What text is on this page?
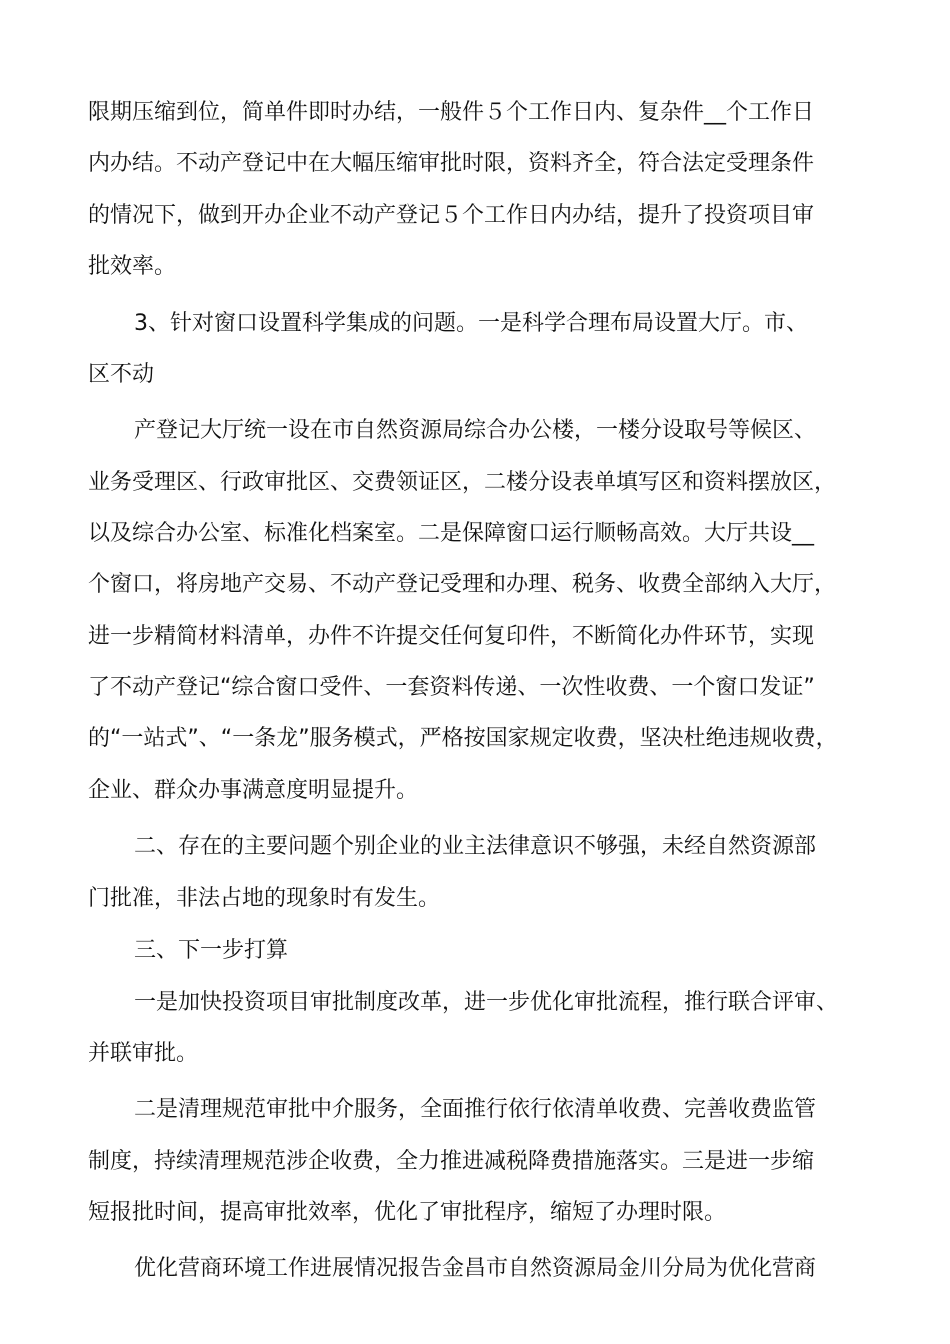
限期压缩到位，简单件即时办结，一般件５个工作日内、复杂件__个工作日
内办结。不动产登记中在大幅压缩审批时限，资料齐全，符合法定受理条件
的情况下，做到开办企业不动产登记５个工作日内办结，提升了投资项目审
批效率。
3、针对窗口设置科学集成的问题。一是科学合理布局设置大厅。市、
区不动
产登记大厅统一设在市自然资源局综合办公楼，一楼分设取号等候区、
业务受理区、行政审批区、交费领证区，二楼分设表单填写区和资料摆放区，
以及综合办公室、标准化档案室。二是保障窗口运行顺畅高效。大厅共设__
个窗口，将房地产交易、不动产登记受理和办理、税务、收费全部纳入大厅，
进一步精简材料清单，办件不许提交任何复印件，不断简化办件环节，实现
了不动产登记“综合窗口受件、一套资料传递、一次性收费、一个窗口发证”
的“一站式”、“一条龙”服务模式，严格按国家规定收费，坚决杜绝违规收费，
企业、群众办事满意度明显提升。
二、存在的主要问题个别企业的业主法律意识不够强，未经自然资源部
门批准，非法占地的现象时有发生。
三、下一步打算
一是加快投资项目审批制度改革，进一步优化审批流程，推行联合评审、
并联审批。
二是清理规范审批中介服务，全面推行依行依清单收费、完善收费监管
制度，持续清理规范涉企收费，全力推进减税降费措施落实。三是进一步缩
短报批时间，提高审批效率，优化了审批程序，缩短了办理时限。
优化营商环境工作进展情况报告金昌市自然资源局金川分局为优化营商
